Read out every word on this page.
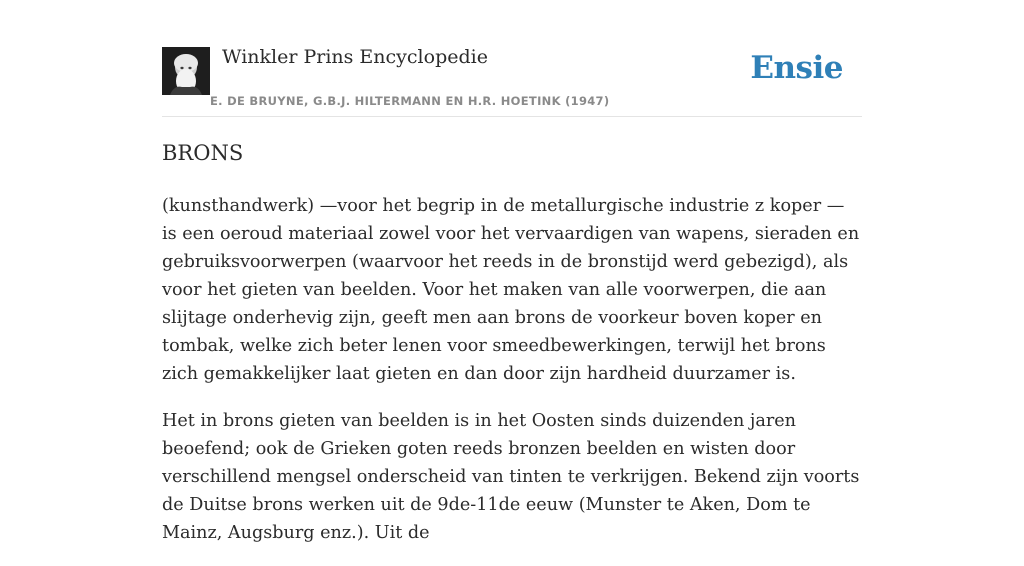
Winkler Prins Encyclopedie
E. DE BRUYNE, G.B.J. HILTERMANN EN H.R. HOETINK (1947)
Ensie
BRONS

(kunsthandwerk) —voor het begrip in de metallurgische industrie z koper — is een oeroud materiaal zowel voor het vervaardigen van wapens, sieraden en gebruiksvoorwerpen (waarvoor het reeds in de bronstijd werd gebezigd), als voor het gieten van beelden. Voor het maken van alle voorwerpen, die aan slijtage onderhevig zijn, geeft men aan brons de voorkeur boven koper en tombak, welke zich beter lenen voor smeedbewerkingen, terwijl het brons zich gemakkelijker laat gieten en dan door zijn hardheid duurzamer is.

Het in brons gieten van beelden is in het Oosten sinds duizenden jaren beoefend; ook de Grieken goten reeds bronzen beelden en wisten door verschillend mengsel onderscheid van tinten te verkrijgen. Bekend zijn voorts de Duitse brons werken uit de 9de-11de eeuw (Munster te Aken, Dom te Mainz, Augsburg enz.). Uit de
